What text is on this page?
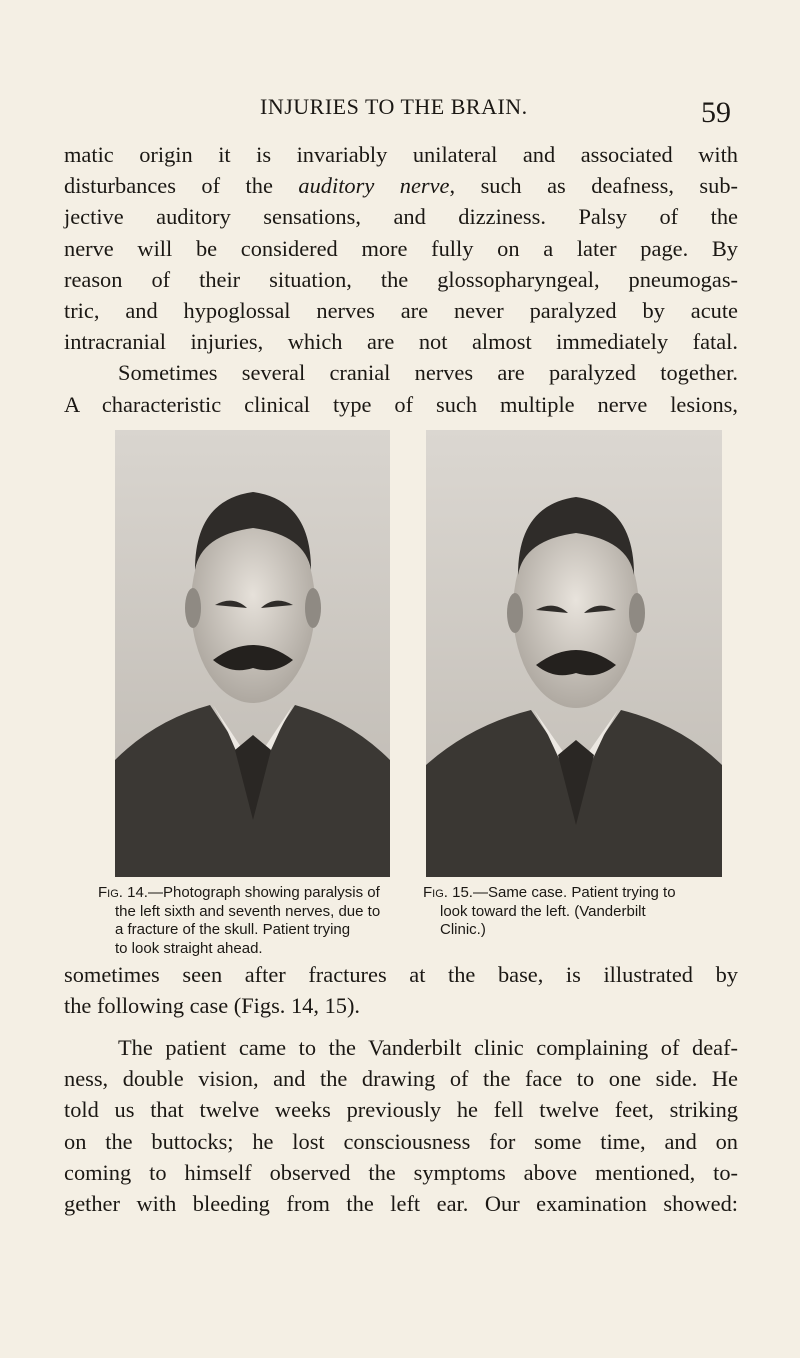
INJURIES TO THE BRAIN.	59
matic origin it is invariably unilateral and associated with
disturbances of the auditory nerve, such as deafness, sub-
jective auditory sensations, and dizziness. Palsy of the
nerve will be considered more fully on a later page. By
reason of their situation, the glossopharyngeal, pneumogas-
tric, and hypoglossal nerves are never paralyzed by acute
intracranial injuries, which are not almost immediately fatal.
Sometimes several cranial nerves are paralyzed together.
A characteristic clinical type of such multiple nerve lesions,
Fig. 14.—Photograph showing paralysis of
the left sixth and seventh nerves, due to
a fracture of the skull. Patient trying
to look straight ahead.
Fig. 15.—Same case. Patient trying to
look toward the left. (Vanderbilt
Clinic.)
sometimes seen after fractures at the base, is illustrated by
the following case (Figs. 14, 15).
The patient came to the Vanderbilt clinic complaining of deaf-
ness, double vision, and the drawing of the face to one side. He
told us that twelve weeks previously he fell twelve feet, striking
on the buttocks; he lost consciousness for some time, and on
coming to himself observed the symptoms above mentioned, to-
gether with bleeding from the left ear. Our examination showed:
